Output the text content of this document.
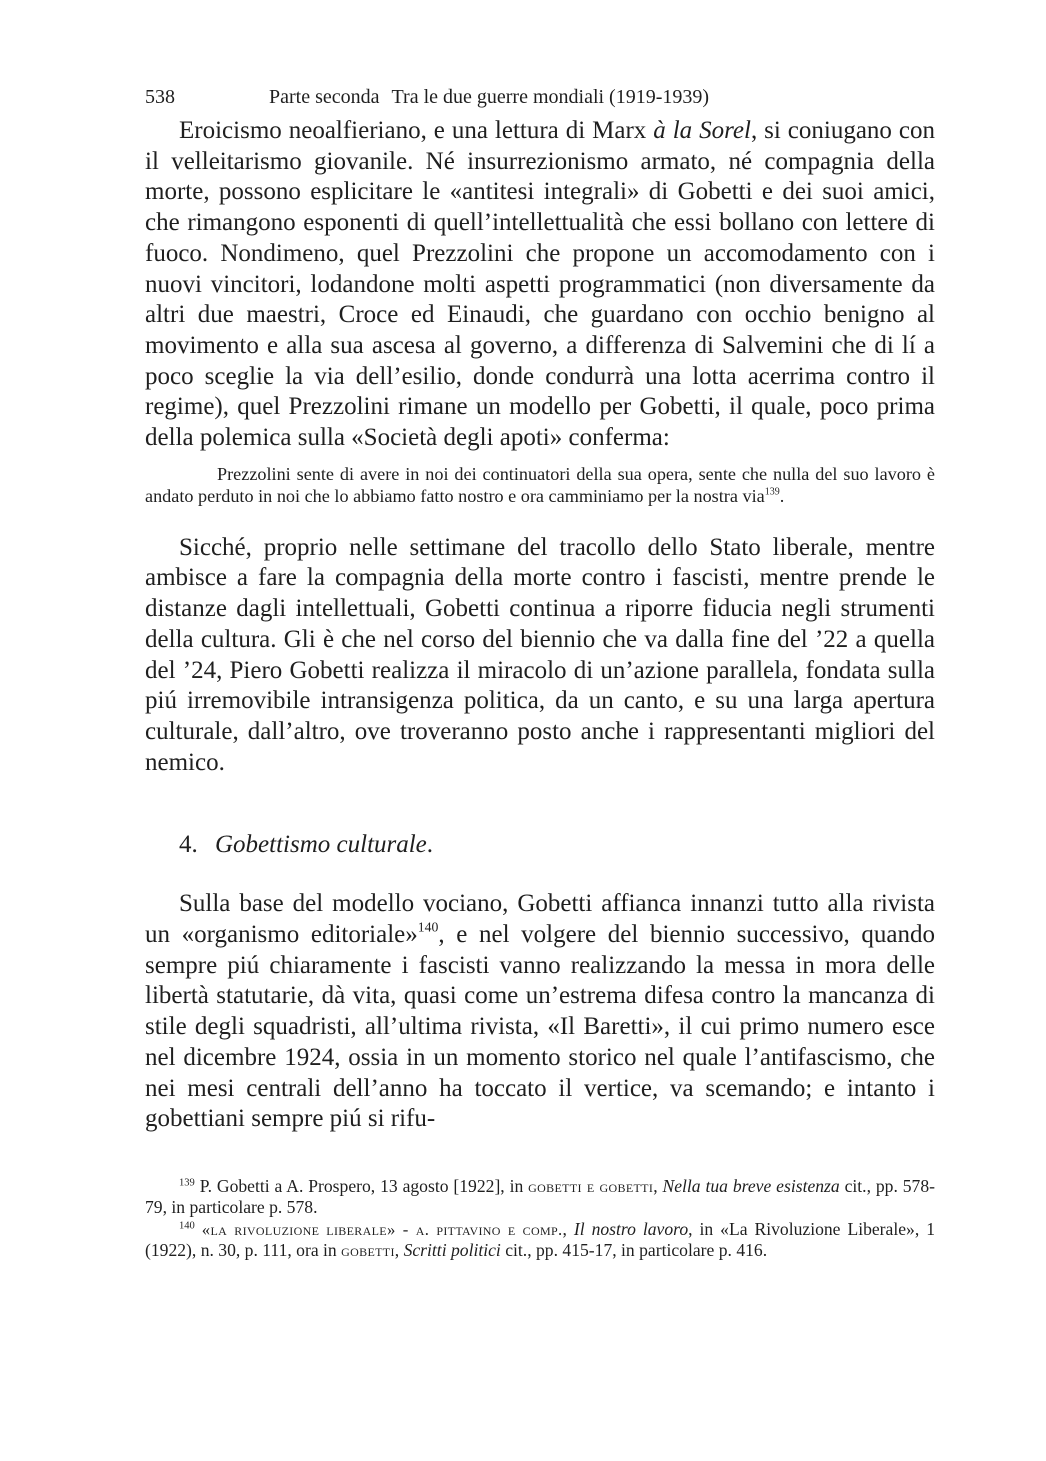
538	Parte seconda Tra le due guerre mondiali (1919-1939)

Eroicismo neoalfieriano, e una lettura di Marx à la Sorel, si coniugano con il velleitarismo giovanile. Né insurrezionismo armato, né compagnia della morte, possono esplicitare le «antitesi integrali» di Gobetti e dei suoi amici, che rimangono esponenti di quell’intellettualità che essi bollano con lettere di fuoco. Nondimeno, quel Prezzolini che propone un accomodamento con i nuovi vincitori, lodandone molti aspetti programmatici (non diversamente da altri due maestri, Croce ed Einaudi, che guardano con occhio benigno al movimento e alla sua ascesa al governo, a differenza di Salvemini che di lí a poco sceglie la via dell’esilio, donde condurrà una lotta acerrima contro il regime), quel Prezzolini rimane un modello per Gobetti, il quale, poco prima della polemica sulla «Società degli apoti» conferma:

Prezzolini sente di avere in noi dei continuatori della sua opera, sente che nulla del suo lavoro è andato perduto in noi che lo abbiamo fatto nostro e ora camminiamo per la nostra via$^{139}$.

Sicché, proprio nelle settimane del tracollo dello Stato liberale, mentre ambisce a fare la compagnia della morte contro i fascisti, mentre prende le distanze dagli intellettuali, Gobetti continua a riporre fiducia negli strumenti della cultura. Gli è che nel corso del biennio che va dalla fine del ’22 a quella del ’24, Piero Gobetti realizza il miracolo di un’azione parallela, fondata sulla piú irremovibile intransigenza politica, da un canto, e su una larga apertura culturale, dall’altro, ove troveranno posto anche i rappresentanti migliori del nemico.

4. Gobettismo culturale.

Sulla base del modello vociano, Gobetti affianca innanzi tutto alla rivista un «organismo editoriale»$^{140}$, e nel volgere del biennio successivo, quando sempre piú chiaramente i fascisti vanno realizzando la messa in mora delle libertà statutarie, dà vita, quasi come un’estrema difesa contro la mancanza di stile degli squadristi, all’ultima rivista, «Il Baretti», il cui primo numero esce nel dicembre 1924, ossia in un momento storico nel quale l’antifascismo, che nei mesi centrali dell’anno ha toccato il vertice, va scemando; e intanto i gobettiani sempre piú si rifu-

$^{139}$ P. Gobetti a A. Prospero, 13 agosto [1922], in gobetti e gobetti, Nella tua breve esistenza cit., pp. 578-79, in particolare p. 578.

$^{140}$ «la rivoluzione liberale» - a. pittavino e comp., Il nostro lavoro, in «La Rivoluzione Liberale», 1 (1922), n. 30, p. 111, ora in gobetti, Scritti politici cit., pp. 415-17, in particolare p. 416.
